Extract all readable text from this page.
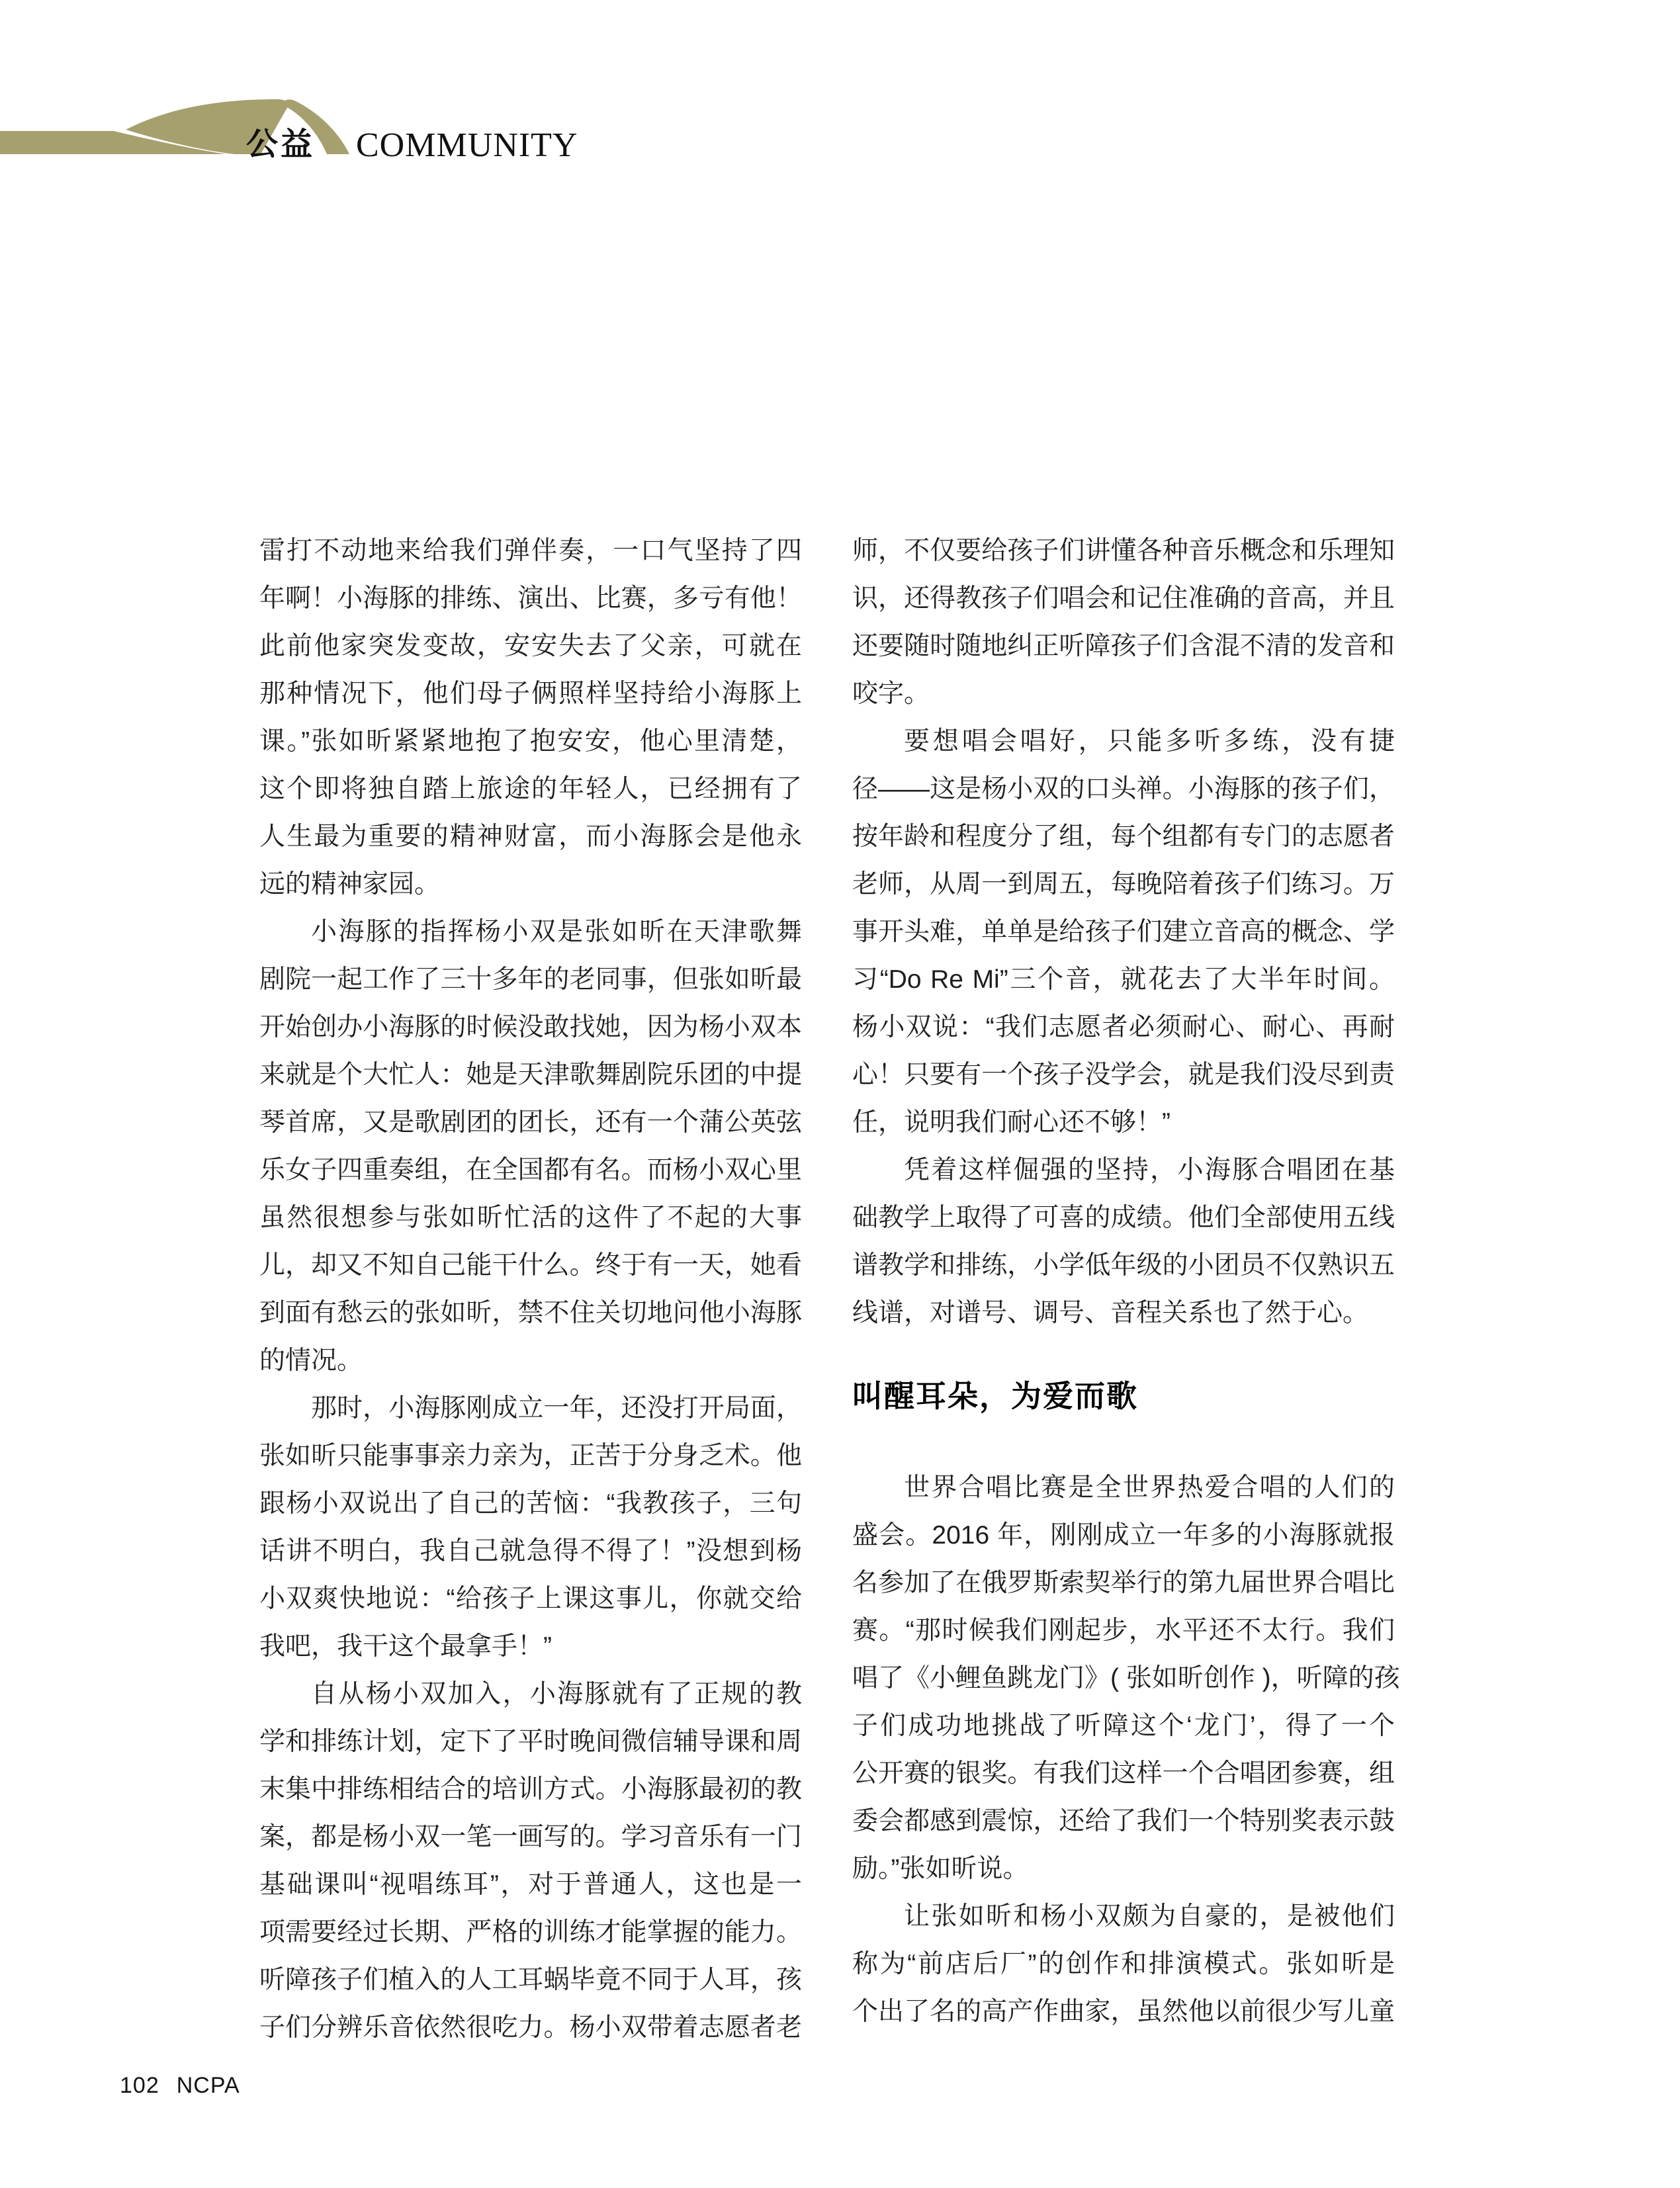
公益 COMMUNITY
雷打不动地来给我们弹伴奏，一口气坚持了四
年啊！小海豚的排练、演出、比赛，多亏有他！
此前他家突发变故，安安失去了父亲，可就在
那种情况下，他们母子俩照样坚持给小海豚上
课。”张如昕紧紧地抱了抱安安，他心里清楚，
这个即将独自踏上旅途的年轻人，已经拥有了
人生最为重要的精神财富，而小海豚会是他永
远的精神家园。
小海豚的指挥杨小双是张如昕在天津歌舞
剧院一起工作了三十多年的老同事，但张如昕最
开始创办小海豚的时候没敢找她，因为杨小双本
来就是个大忙人：她是天津歌舞剧院乐团的中提
琴首席，又是歌剧团的团长，还有一个蒲公英弦
乐女子四重奏组，在全国都有名。而杨小双心里
虽然很想参与张如昕忙活的这件了不起的大事
儿，却又不知自己能干什么。终于有一天，她看
到面有愁云的张如昕，禁不住关切地问他小海豚
的情况。
那时，小海豚刚成立一年，还没打开局面，
张如昕只能事事亲力亲为，正苦于分身乏术。他
跟杨小双说出了自己的苦恼：“我教孩子，三句
话讲不明白，我自己就急得不得了！”没想到杨
小双爽快地说：“给孩子上课这事儿，你就交给
我吧，我干这个最拿手！”
自从杨小双加入，小海豚就有了正规的教
学和排练计划，定下了平时晚间微信辅导课和周
末集中排练相结合的培训方式。小海豚最初的教
案，都是杨小双一笔一画写的。学习音乐有一门
基础课叫“视唱练耳”，对于普通人，这也是一
项需要经过长期、严格的训练才能掌握的能力。
听障孩子们植入的人工耳蜗毕竟不同于人耳，孩
子们分辨乐音依然很吃力。杨小双带着志愿者老
师，不仅要给孩子们讲懂各种音乐概念和乐理知
识，还得教孩子们唱会和记住准确的音高，并且
还要随时随地纠正听障孩子们含混不清的发音和
咬字。
要想唱会唱好，只能多听多练，没有捷
径——这是杨小双的口头禅。小海豚的孩子们，
按年龄和程度分了组，每个组都有专门的志愿者
老师，从周一到周五，每晚陪着孩子们练习。万
事开头难，单单是给孩子们建立音高的概念、学
习“Do Re Mi”三个音，就花去了大半年时间。
杨小双说：“我们志愿者必须耐心、耐心、再耐
心！只要有一个孩子没学会，就是我们没尽到责
任，说明我们耐心还不够！”
凭着这样倔强的坚持，小海豚合唱团在基
础教学上取得了可喜的成绩。他们全部使用五线
谱教学和排练，小学低年级的小团员不仅熟识五
线谱，对谱号、调号、音程关系也了然于心。
叫醒耳朵，为爱而歌
世界合唱比赛是全世界热爱合唱的人们的
盛会。2016 年，刚刚成立一年多的小海豚就报
名参加了在俄罗斯索契举行的第九届世界合唱比
赛。“那时候我们刚起步，水平还不太行。我们
唱了《小鲤鱼跳龙门》( 张如昕创作 )，听障的孩
子们成功地挑战了听障这个‘龙门’，得了一个
公开赛的银奖。有我们这样一个合唱团参赛，组
委会都感到震惊，还给了我们一个特别奖表示鼓
励。”张如昕说。
让张如昕和杨小双颇为自豪的，是被他们
称为“前店后厂”的创作和排演模式。张如昕是
个出了名的高产作曲家，虽然他以前很少写儿童
102 NCPA
